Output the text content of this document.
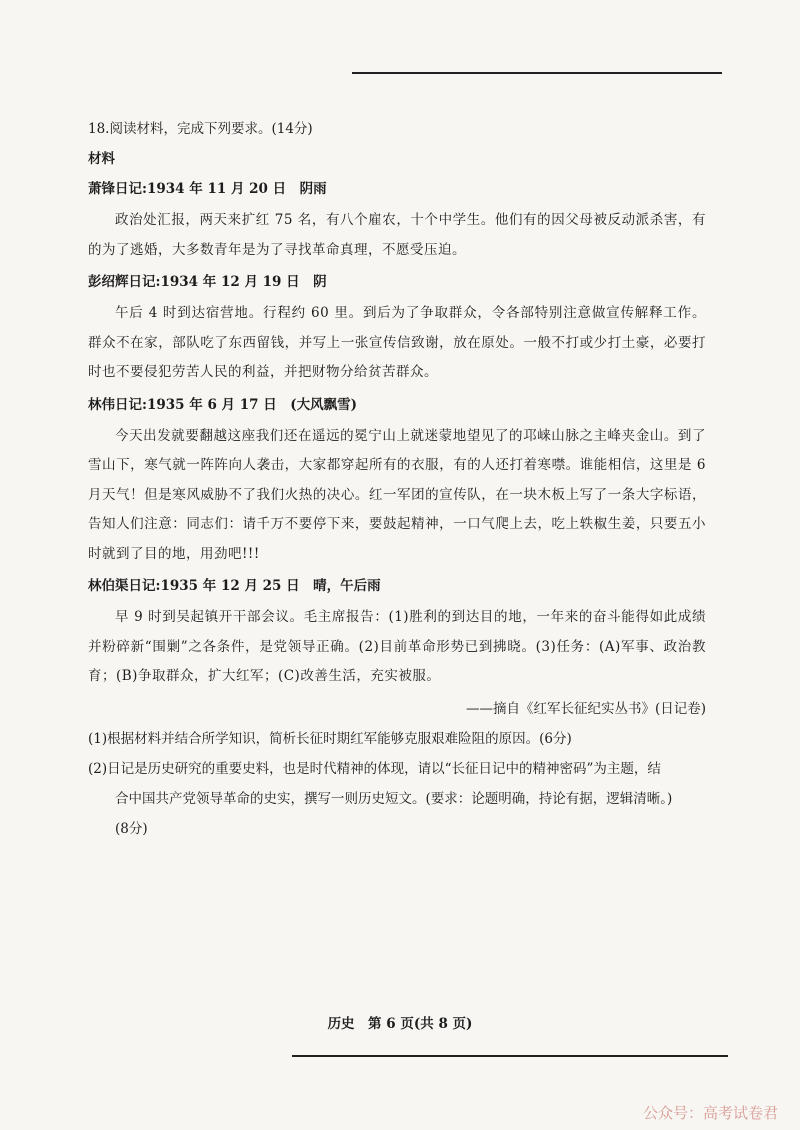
18.阅读材料，完成下列要求。(14分)
材料
萧锋日记:1934 年 11 月 20 日　阴雨
政治处汇报，两天来扩红 75 名，有八个雇农，十个中学生。他们有的因父母被反动派杀害，有的为了逃婚，大多数青年是为了寻找革命真理，不愿受压迫。
彭绍辉日记:1934 年 12 月 19 日　阴
午后 4 时到达宿营地。行程约 60 里。到后为了争取群众，令各部特别注意做宣传解释工作。群众不在家，部队吃了东西留钱，并写上一张宣传信致谢，放在原处。一般不打或少打土豪，必要打时也不要侵犯劳苦人民的利益，并把财物分给贫苦群众。
林伟日记:1935 年 6 月 17 日　(大风飘雪)
今天出发就要翻越这座我们还在遥远的冕宁山上就迷蒙地望见了的邛崃山脉之主峰夹金山。到了雪山下，寒气就一阵阵向人袭击，大家都穿起所有的衣服，有的人还打着寒噤。谁能相信，这里是 6 月天气！但是寒风威胁不了我们火热的决心。红一军团的宣传队，在一块木板上写了一条大字标语，告知人们注意：同志们：请千万不要停下来，要鼓起精神，一口气爬上去，吃上轶椒生姜，只要五小时就到了目的地，用劲吧!!!
林伯渠日记:1935 年 12 月 25 日　晴，午后雨
早 9 时到吴起镇开干部会议。毛主席报告：(1)胜利的到达目的地，一年来的奋斗能得如此成绩并粉碎新“围剿”之各条件，是党领导正确。(2)目前革命形势已到拂晓。(3)任务：(A)军事、政治教育；(B)争取群众，扩大红军；(C)改善生活，充实被服。
——摘自《红军长征纪实丛书》(日记卷)
(1)根据材料并结合所学知识，简析长征时期红军能够克服艰难险阻的原因。(6分)
(2)日记是历史研究的重要史料，也是时代精神的体现，请以“长征日记中的精神密码”为主题，结
合中国共产党领导革命的史实，撰写一则历史短文。(要求：论题明确，持论有据，逻辑清晰。)
(8分)
历史　第 6 页(共 8 页)
公众号：高考试卷君
